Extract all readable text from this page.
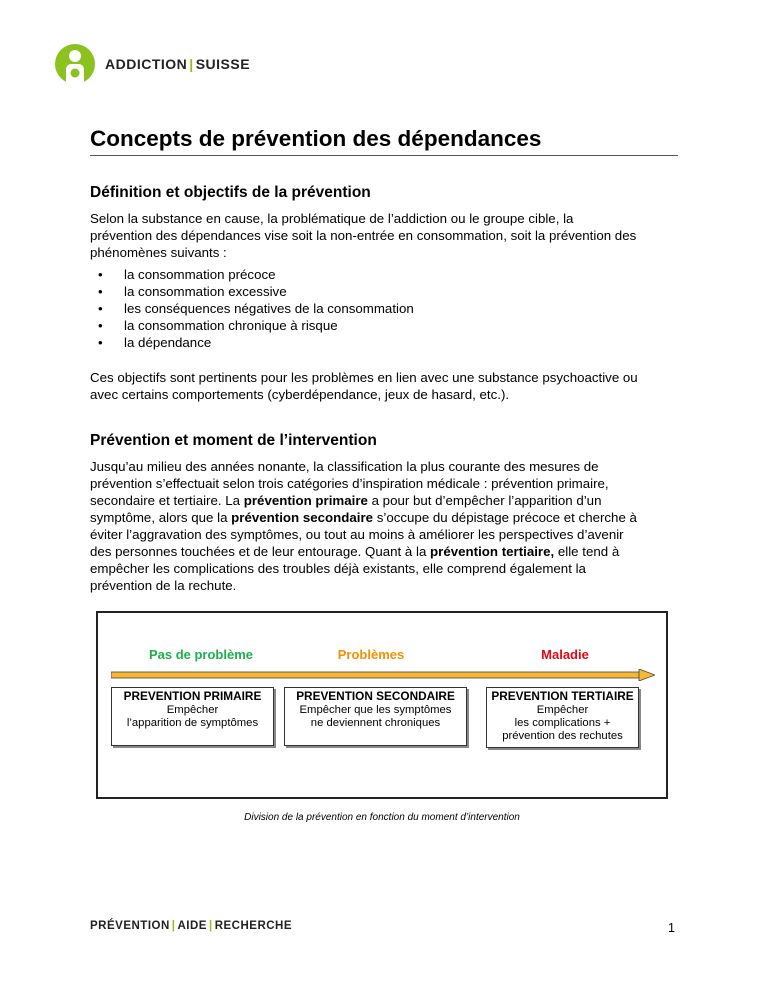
ADDICTION | SUISSE
Concepts de prévention des dépendances
Définition et objectifs de la prévention
Selon la substance en cause, la problématique de l’addiction ou le groupe cible, la
prévention des dépendances vise soit la non-entrée en consommation, soit la prévention des
phénomènes suivants :
• la consommation précoce
• la consommation excessive
• les conséquences négatives de la consommation
• la consommation chronique à risque
• la dépendance
Ces objectifs sont pertinents pour les problèmes en lien avec une substance psychoactive ou
avec certains comportements (cyberdépendance, jeux de hasard, etc.).
Prévention et moment de l’intervention
Jusqu’au milieu des années nonante, la classification la plus courante des mesures de
prévention s’effectuait selon trois catégories d’inspiration médicale : prévention primaire,
secondaire et tertiaire. La prévention primaire a pour but d’empêcher l’apparition d’un
symptôme, alors que la prévention secondaire s’occupe du dépistage précoce et cherche à
éviter l’aggravation des symptômes, ou tout au moins à améliorer les perspectives d’avenir
des personnes touchées et de leur entourage. Quant à la prévention tertiaire, elle tend à
empêcher les complications des troubles déjà existants, elle comprend également la
prévention de la rechute.
Pas de problème	Problèmes	Maladie
PREVENTION PRIMAIRE
Empêcher
l’apparition de symptômes
PREVENTION SECONDAIRE
Empêcher que les symptômes
ne deviennent chroniques
PREVENTION TERTIAIRE
Empêcher
les complications +
prévention des rechutes
Division de la prévention en fonction du moment d’intervention
PRÉVENTION | AIDE | RECHERCHE	1
